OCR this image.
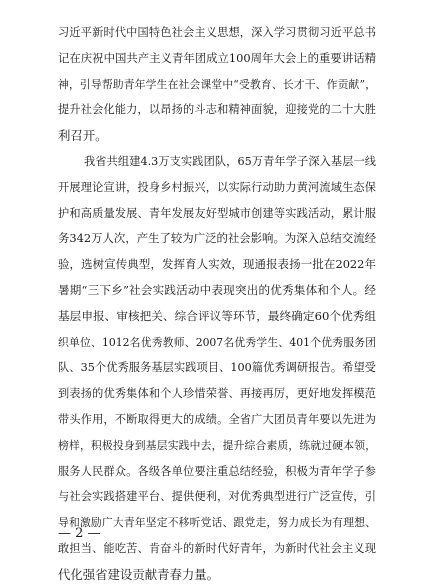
习近平新时代中国特色社会主义思想，深入学习贯彻习近平总书
记在庆祝中国共产主义青年团成立100周年大会上的重要讲话精
神，引导帮助青年学生在社会课堂中“受教育、长才干、作贡献”，
提升社会化能力，以昂扬的斗志和精神面貌，迎接党的二十大胜
利召开。
我省共组建4.3万支实践团队，65万青年学子深入基层一线
开展理论宣讲，投身乡村振兴，以实际行动助力黄河流域生态保
护和高质量发展、青年发展友好型城市创建等实践活动，累计服
务342万人次，产生了较为广泛的社会影响。为深入总结交流经
验，选树宣传典型，发挥育人实效，现通报表扬一批在2022年
暑期“三下乡”社会实践活动中表现突出的优秀集体和个人。经
基层申报、审核把关、综合评议等环节，最终确定60个优秀组
织单位、1012名优秀教师、2007名优秀学生、401个优秀服务团
队、35个优秀服务基层实践项目、100篇优秀调研报告。希望受
到表扬的优秀集体和个人珍惜荣誉、再接再厉，更好地发挥模范
带头作用，不断取得更大的成绩。全省广大团员青年要以先进为
榜样，积极投身到基层实践中去，提升综合素质，练就过硬本领，
服务人民群众。各级各单位要注重总结经验，积极为青年学子参
与社会实践搭建平台、提供便利，对优秀典型进行广泛宣传，引
导和激励广大青年坚定不移听党话、跟党走，努力成长为有理想、
敢担当、能吃苦、肯奋斗的新时代好青年，为新时代社会主义现
代化强省建设贡献青春力量。
— 2 —
